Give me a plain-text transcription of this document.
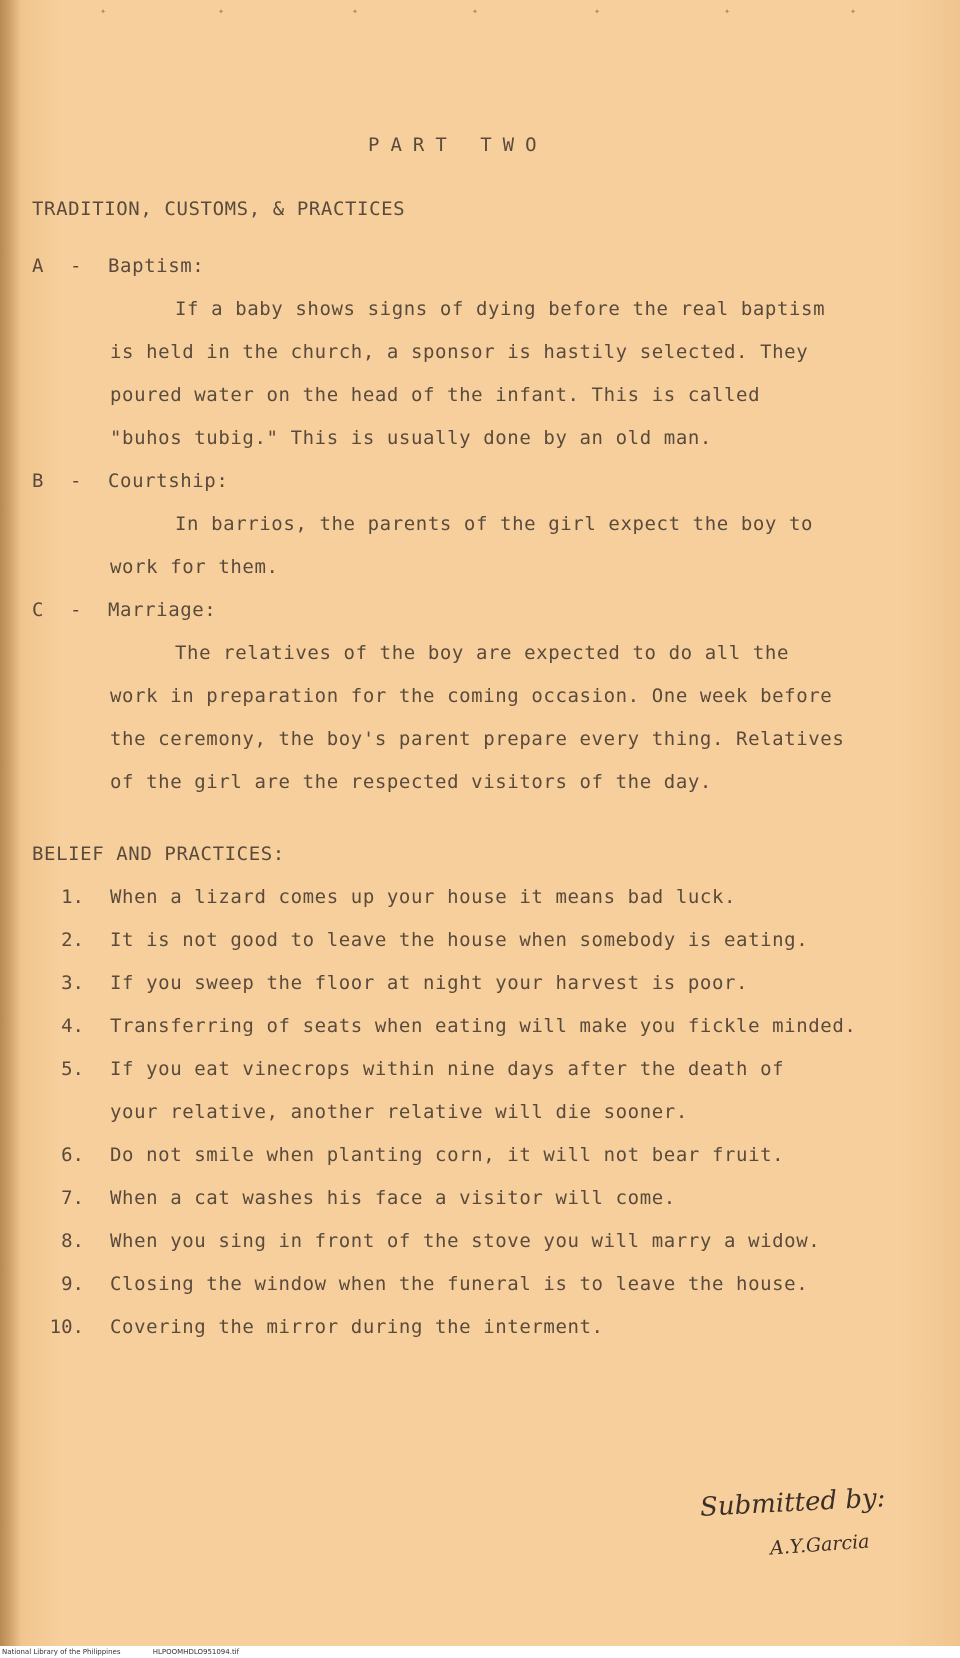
✦	✦	✦	✦	✦	✦	✦
PART TWO
TRADITION, CUSTOMS, & PRACTICES
A - Baptism:
If a baby shows signs of dying before the real baptism
is held in the church, a sponsor is hastily selected. They
poured water on the head of the infant. This is called
"buhos tubig." This is usually done by an old man.
B - Courtship:
In barrios, the parents of the girl expect the boy to
work for them.
C - Marriage:
The relatives of the boy are expected to do all the
work in preparation for the coming occasion. One week before
the ceremony, the boy's parent prepare every thing. Relatives
of the girl are the respected visitors of the day.
BELIEF AND PRACTICES:
1. When a lizard comes up your house it means bad luck.
2. It is not good to leave the house when somebody is eating.
3. If you sweep the floor at night your harvest is poor.
4. Transferring of seats when eating will make you fickle minded.
5. If you eat vinecrops within nine days after the death of
your relative, another relative will die sooner.
6. Do not smile when planting corn, it will not bear fruit.
7. When a cat washes his face a visitor will come.
8. When you sing in front of the stove you will marry a widow.
9. Closing the window when the funeral is to leave the house.
10. Covering the mirror during the interment.
Submitted by:
A.Y.Garcia
National Library of the Philippines	HLPOOMHDLO951094.tif
